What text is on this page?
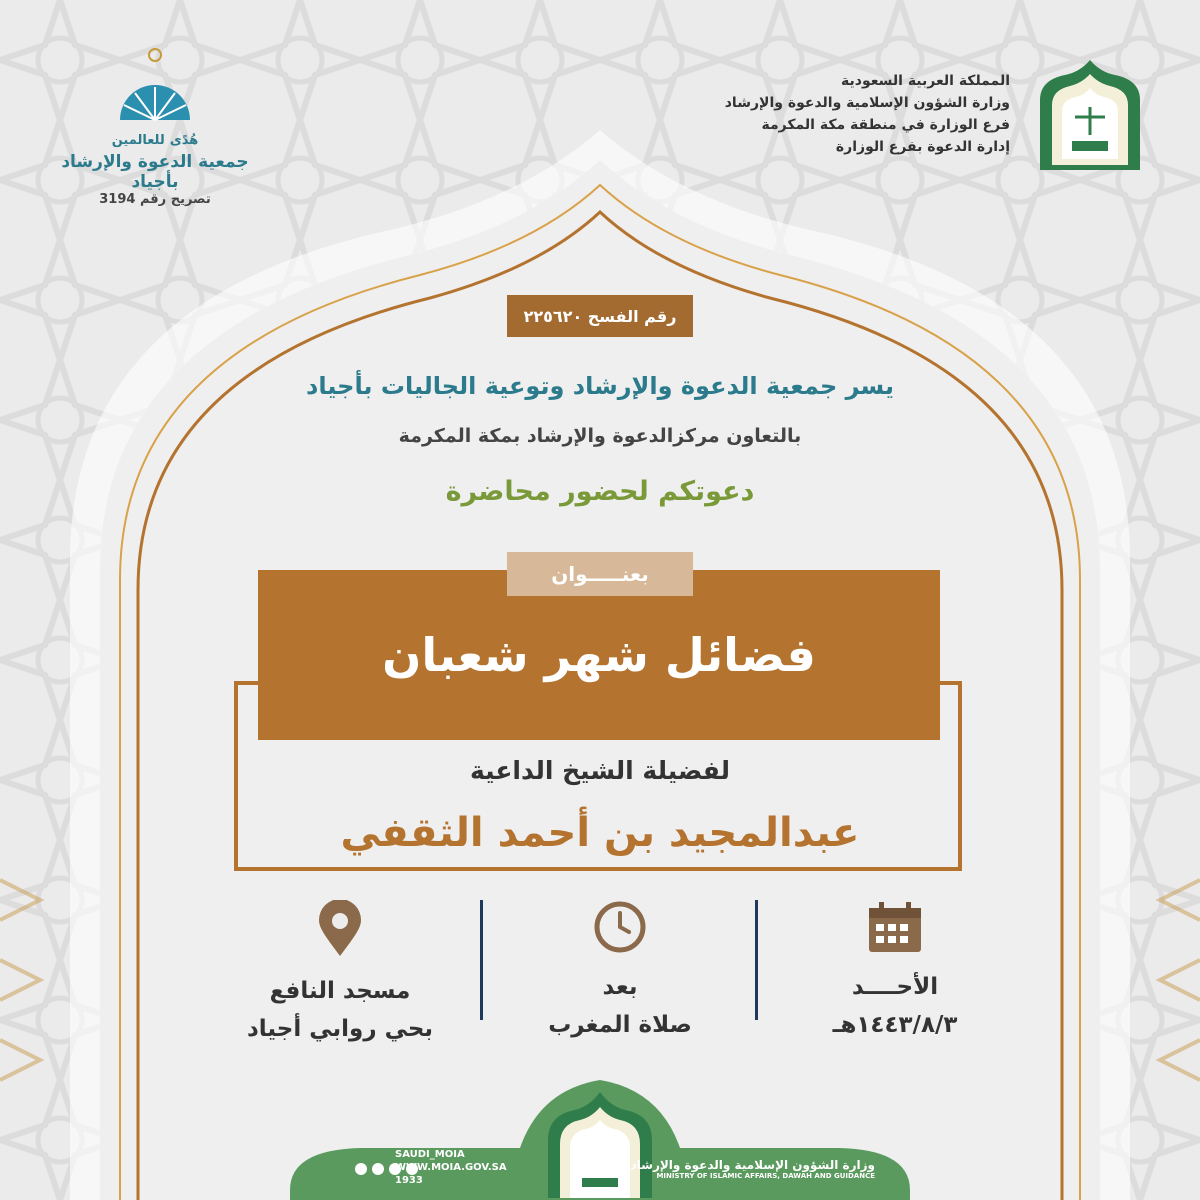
المملكة العربية السعودية
وزارة الشؤون الإسلامية والدعوة والإرشاد
فرع الوزارة في منطقة مكة المكرمة
إدارة الدعوة بفرع الوزارة
هُدًى للعالمين
جمعية الدعوة والإرشاد بأجياد
تصريح رقم 3194
رقم الفسح ٢٢٥٦٢٠
يسر جمعية الدعوة والإرشاد وتوعية الجاليات بأجياد
بالتعاون مركزالدعوة والإرشاد بمكة المكرمة
دعوتكم لحضور محاضرة
بعنـــــوان
فضائل شهر شعبان
لفضيلة الشيخ الداعية
عبدالمجيد بن أحمد الثقفي
الأحــــد
١٤٤٣/٨/٣هـ
بعد
صلاة المغرب
مسجد النافع
بحي روابي أجياد
SAUDI_MOIA
WWW.MOIA.GOV.SA
1933
وزارة الشؤون الإسلامية والدعوة والإرشاد
MINISTRY OF ISLAMIC AFFAIRS, DAWAH AND GUIDANCE
